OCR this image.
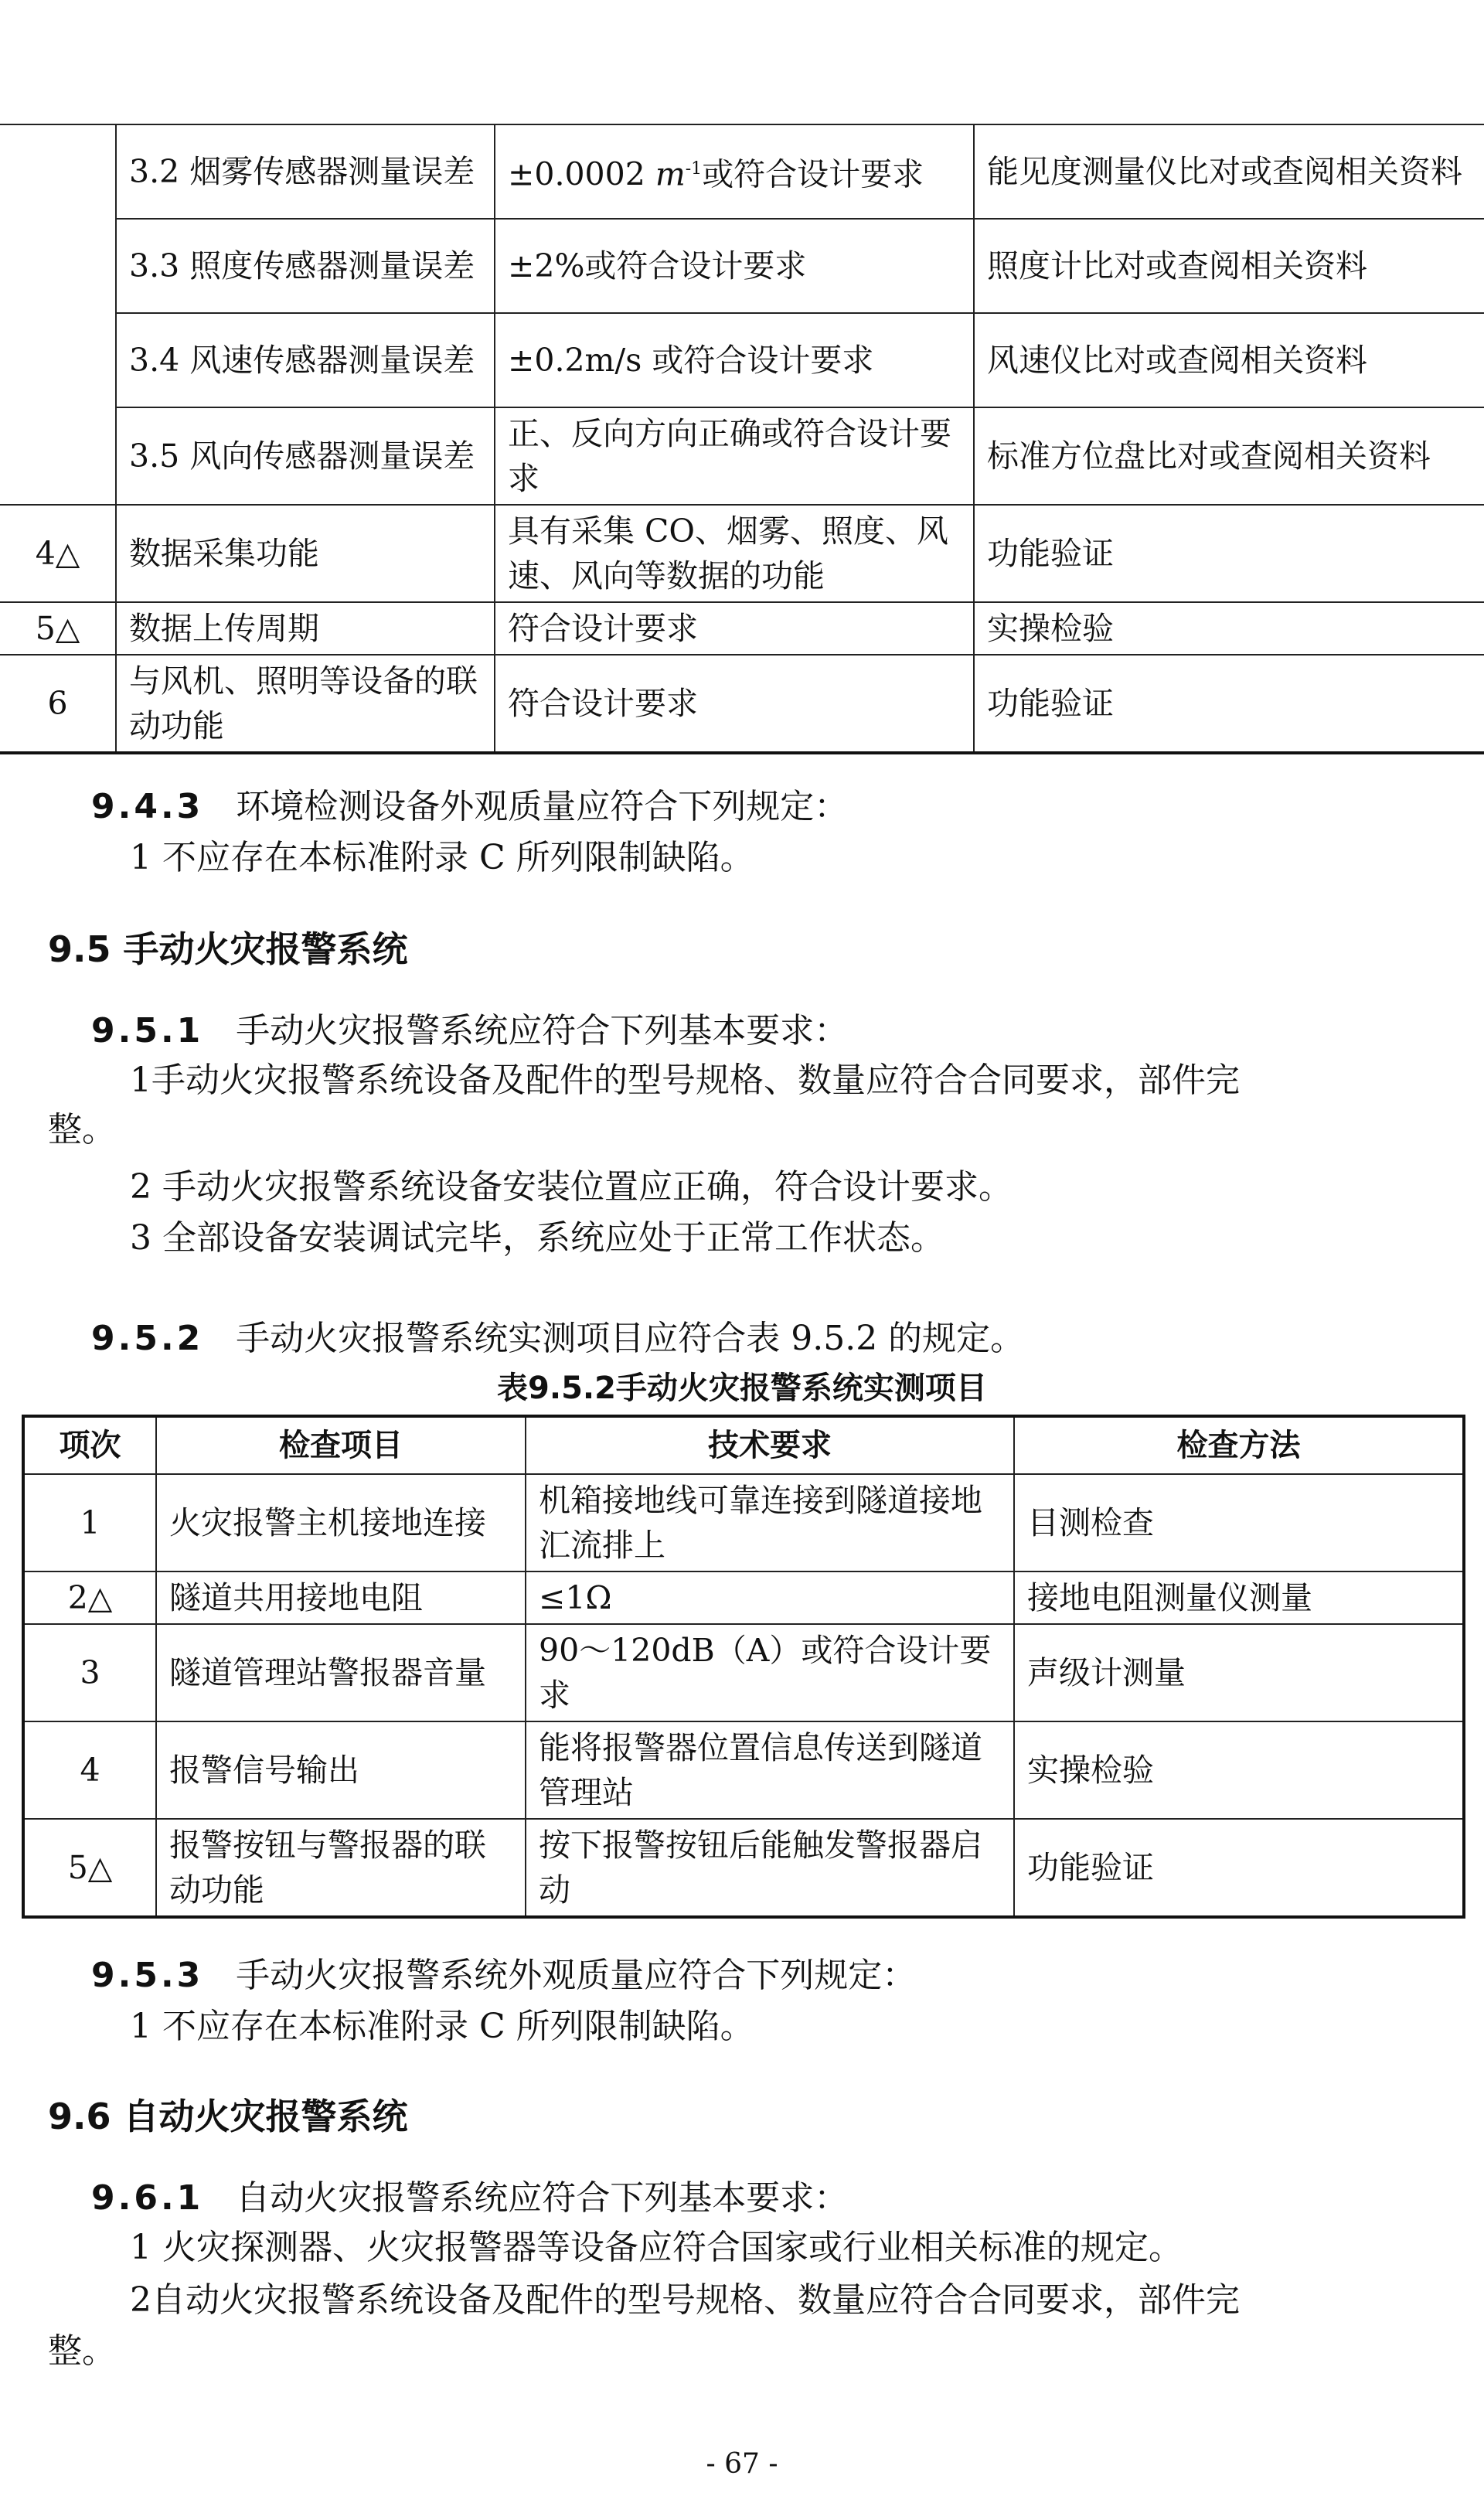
	3.2 烟雾传感器测量误差	±0.0002 $m^{-1}$或符合设计要求	能见度测量仪比对或查阅相关资料
	3.3 照度传感器测量误差	±2%或符合设计要求	照度计比对或查阅相关资料
	3.4 风速传感器测量误差	±0.2m/s 或符合设计要求	风速仪比对或查阅相关资料
	3.5 风向传感器测量误差	正、反向方向正确或符合设计要求	标准方位盘比对或查阅相关资料
4△	数据采集功能	具有采集 CO、烟雾、照度、风速、风向等数据的功能	功能验证
5△	数据上传周期	符合设计要求	实操检验
6	与风机、照明等设备的联动功能	符合设计要求	功能验证
9.4.3 环境检测设备外观质量应符合下列规定：
1 不应存在本标准附录 C 所列限制缺陷。
9.5 手动火灾报警系统
9.5.1 手动火灾报警系统应符合下列基本要求：
1手动火灾报警系统设备及配件的型号规格、数量应符合合同要求，部件完
整。
2 手动火灾报警系统设备安装位置应正确，符合设计要求。
3 全部设备安装调试完毕，系统应处于正常工作状态。
9.5.2 手动火灾报警系统实测项目应符合表 9.5.2 的规定。
表9.5.2手动火灾报警系统实测项目
项次	检查项目	技术要求	检查方法
1	火灾报警主机接地连接	机箱接地线可靠连接到隧道接地汇流排上	目测检查
2△	隧道共用接地电阻	≤1Ω	接地电阻测量仪测量
3	隧道管理站警报器音量	90～120dB（A）或符合设计要求	声级计测量
4	报警信号输出	能将报警器位置信息传送到隧道管理站	实操检验
5△	报警按钮与警报器的联动功能	按下报警按钮后能触发警报器启动	功能验证
9.5.3 手动火灾报警系统外观质量应符合下列规定：
1 不应存在本标准附录 C 所列限制缺陷。
9.6 自动火灾报警系统
9.6.1 自动火灾报警系统应符合下列基本要求：
1 火灾探测器、火灾报警器等设备应符合国家或行业相关标准的规定。
2自动火灾报警系统设备及配件的型号规格、数量应符合合同要求，部件完
整。
- 67 -
